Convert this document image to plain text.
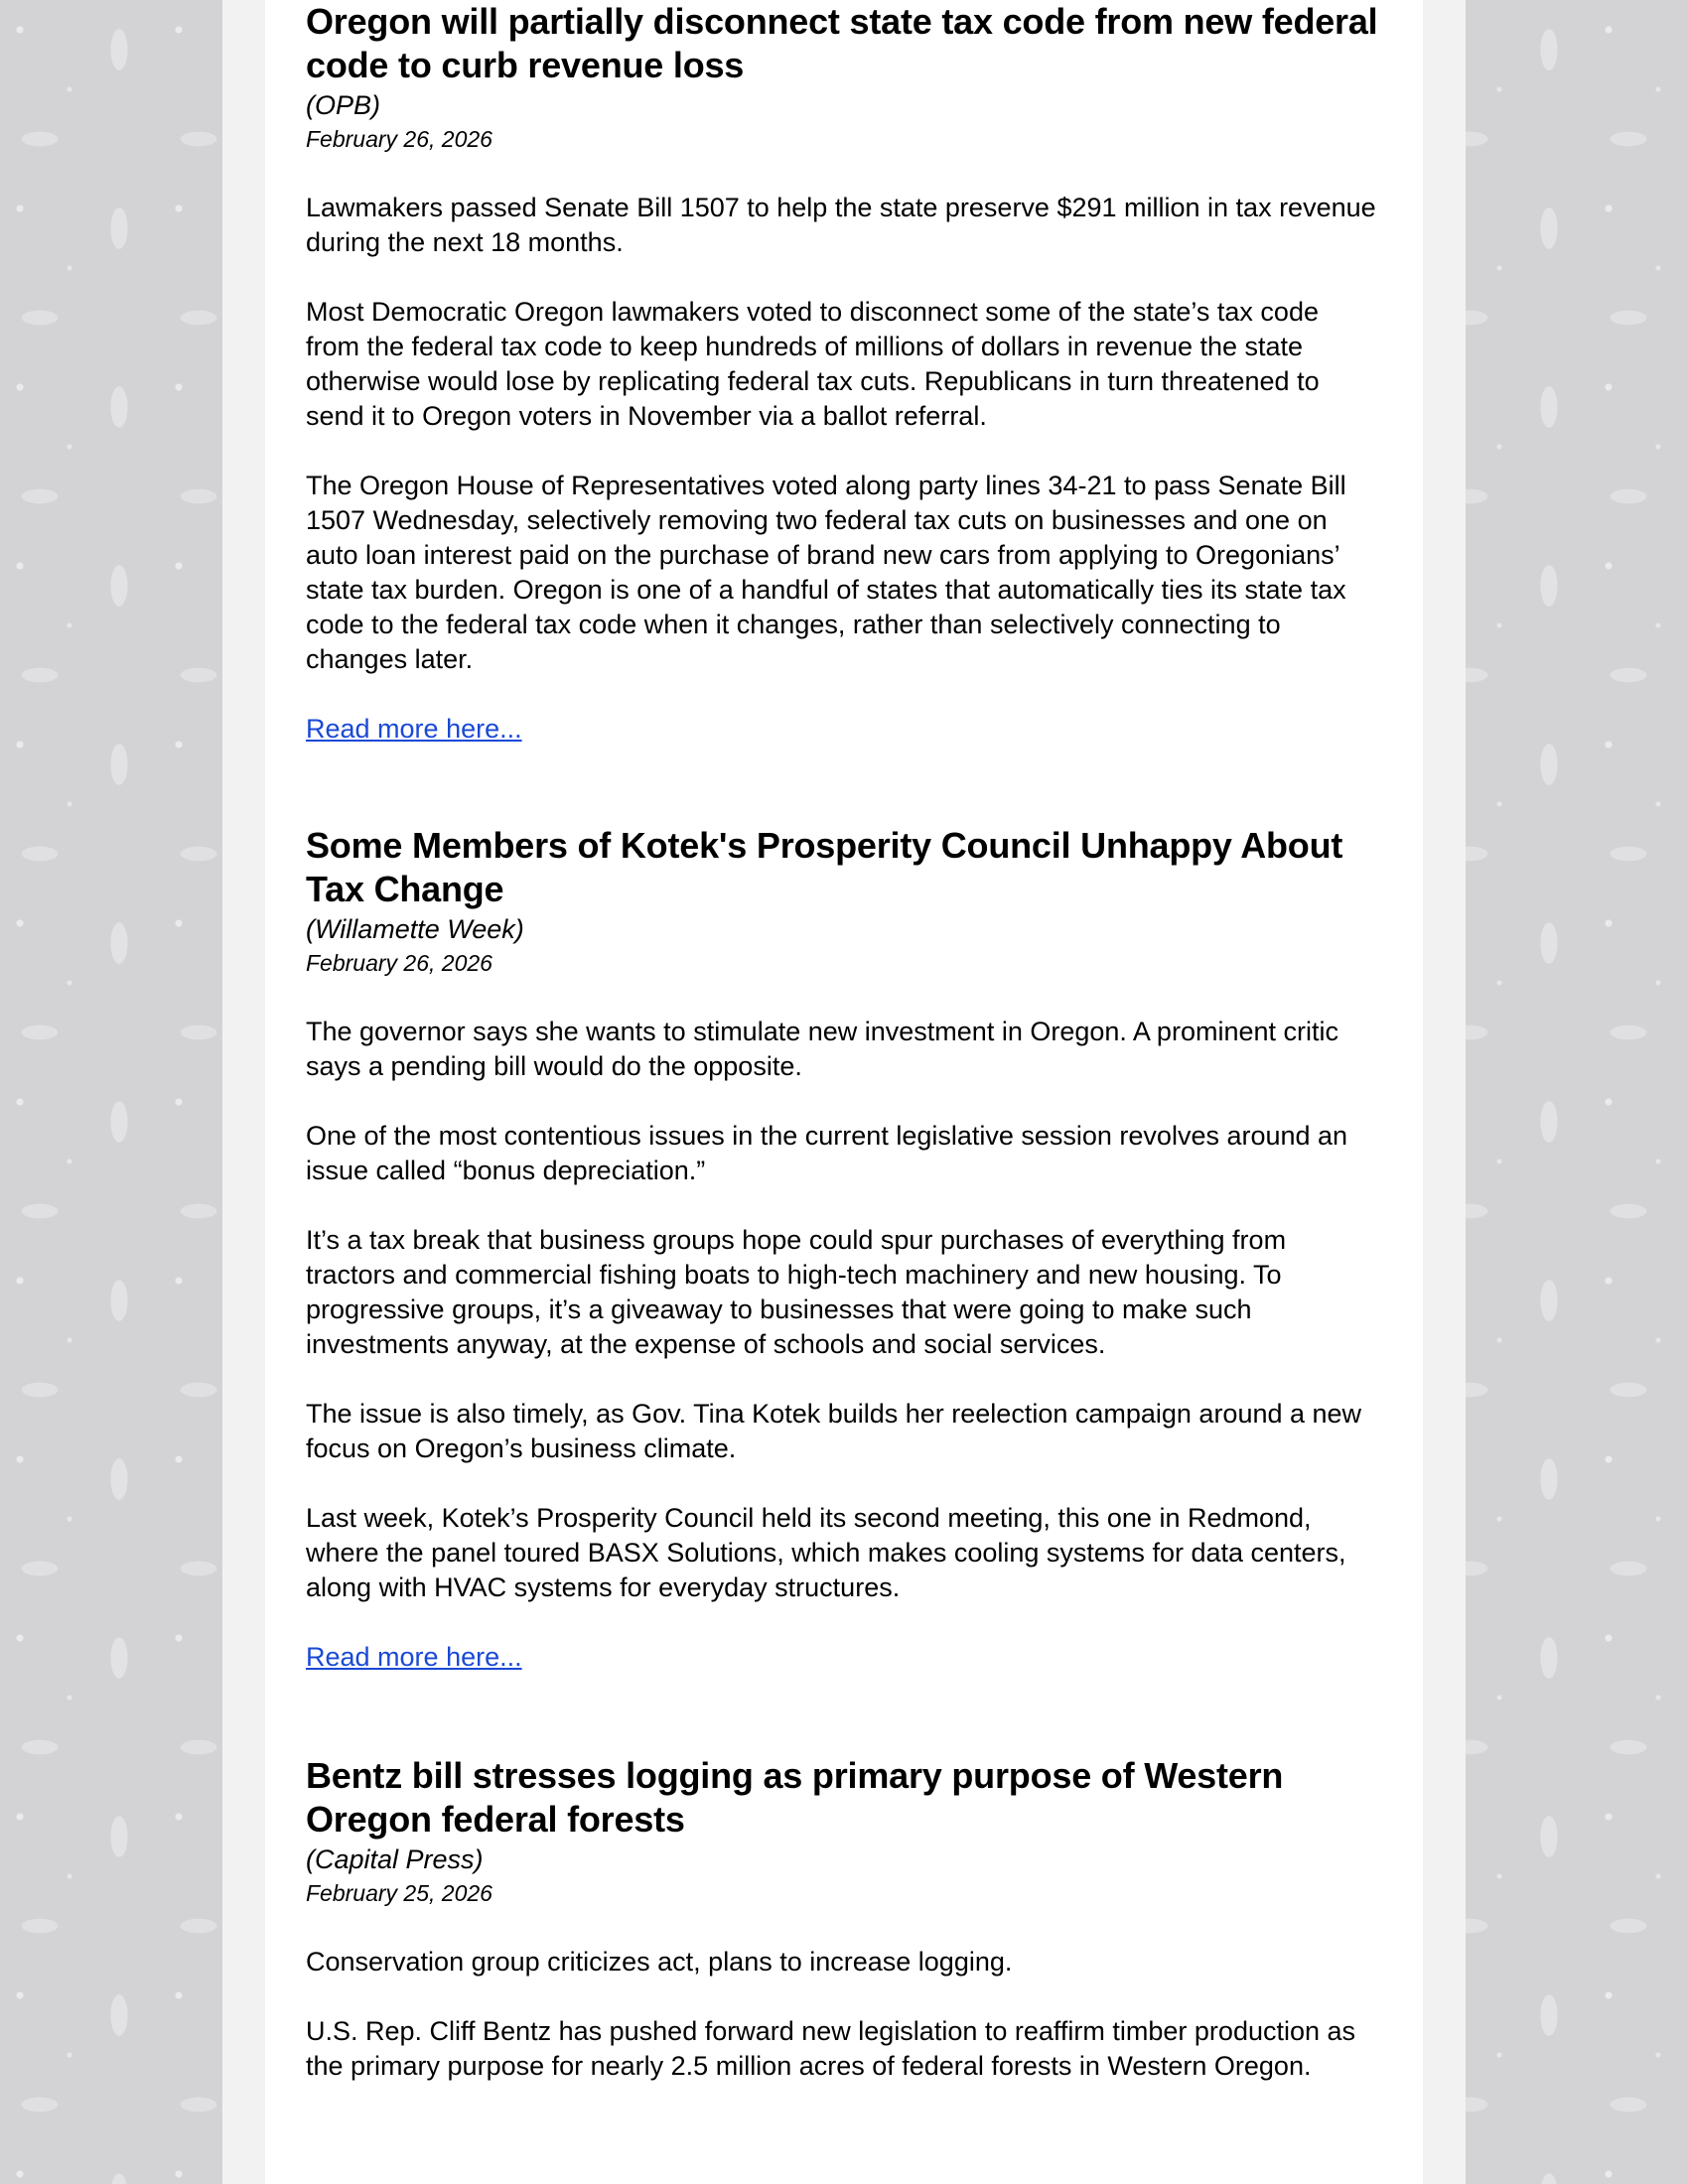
Oregon will partially disconnect state tax code from new federal code to curb revenue loss
(OPB)
February 26, 2026
Lawmakers passed Senate Bill 1507 to help the state preserve $291 million in tax revenue during the next 18 months.
Most Democratic Oregon lawmakers voted to disconnect some of the state’s tax code from the federal tax code to keep hundreds of millions of dollars in revenue the state otherwise would lose by replicating federal tax cuts. Republicans in turn threatened to send it to Oregon voters in November via a ballot referral.
The Oregon House of Representatives voted along party lines 34-21 to pass Senate Bill 1507 Wednesday, selectively removing two federal tax cuts on businesses and one on auto loan interest paid on the purchase of brand new cars from applying to Oregonians’ state tax burden. Oregon is one of a handful of states that automatically ties its state tax code to the federal tax code when it changes, rather than selectively connecting to changes later.
Read more here...
Some Members of Kotek's Prosperity Council Unhappy About Tax Change
(Willamette Week)
February 26, 2026
The governor says she wants to stimulate new investment in Oregon. A prominent critic says a pending bill would do the opposite.
One of the most contentious issues in the current legislative session revolves around an issue called “bonus depreciation.”
It’s a tax break that business groups hope could spur purchases of everything from tractors and commercial fishing boats to high-tech machinery and new housing. To progressive groups, it’s a giveaway to businesses that were going to make such investments anyway, at the expense of schools and social services.
The issue is also timely, as Gov. Tina Kotek builds her reelection campaign around a new focus on Oregon’s business climate.
Last week, Kotek’s Prosperity Council held its second meeting, this one in Redmond, where the panel toured BASX Solutions, which makes cooling systems for data centers, along with HVAC systems for everyday structures.
Read more here...
Bentz bill stresses logging as primary purpose of Western Oregon federal forests
(Capital Press)
February 25, 2026
Conservation group criticizes act, plans to increase logging.
U.S. Rep. Cliff Bentz has pushed forward new legislation to reaffirm timber production as the primary purpose for nearly 2.5 million acres of federal forests in Western Oregon.
